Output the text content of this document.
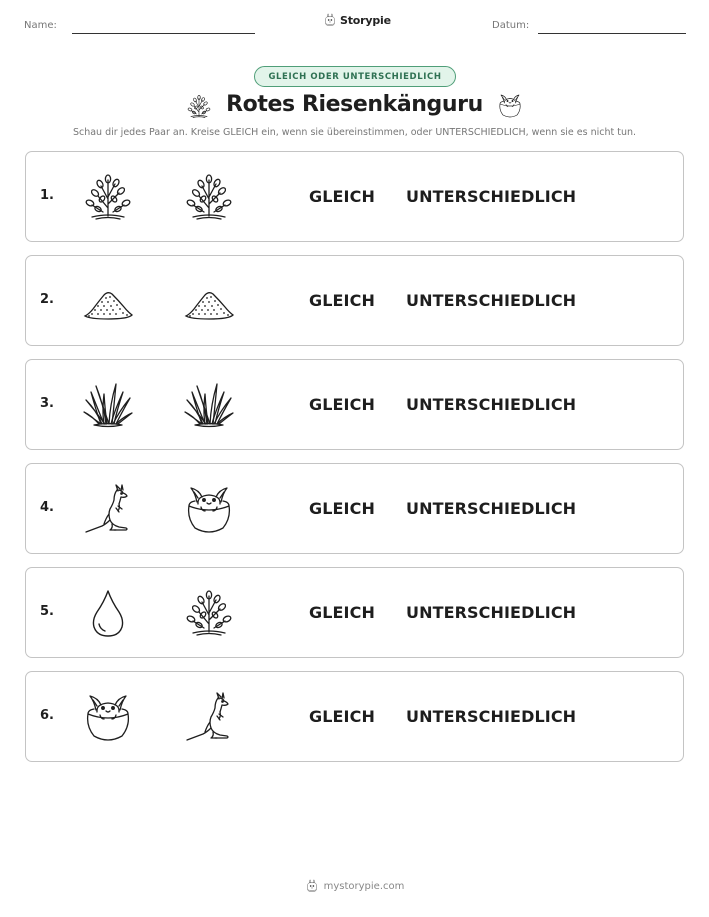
Name:	Storypie	Datum:
GLEICH ODER UNTERSCHIEDLICH
Rotes Riesenkänguru
Schau dir jedes Paar an. Kreise GLEICH ein, wenn sie übereinstimmen, oder UNTERSCHIEDLICH, wenn sie es nicht tun.
1.	GLEICH UNTERSCHIEDLICH
2.	GLEICH UNTERSCHIEDLICH
3.	GLEICH UNTERSCHIEDLICH
4.	GLEICH UNTERSCHIEDLICH
5.	GLEICH UNTERSCHIEDLICH
6.	GLEICH UNTERSCHIEDLICH
mystorypie.com
